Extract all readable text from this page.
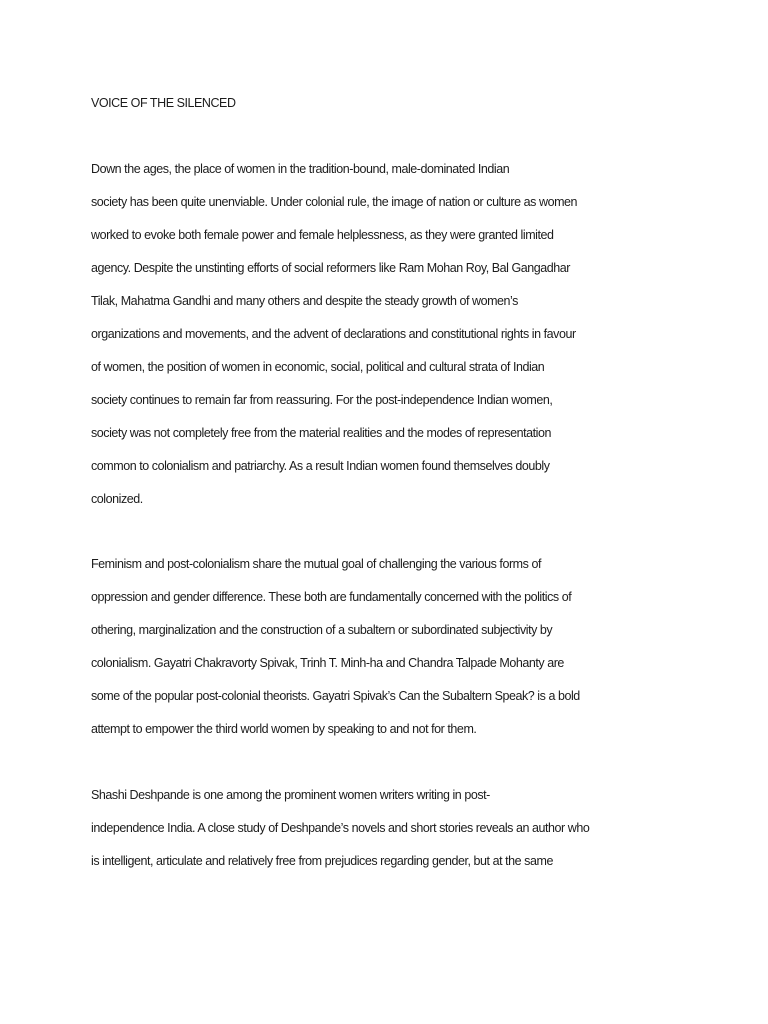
VOICE OF THE SILENCED

Down the ages, the place of women in the tradition-bound, male-dominated Indian

society has been quite unenviable. Under colonial rule, the image of nation or culture as women

worked to evoke both female power and female helplessness, as they were granted limited

agency. Despite the unstinting efforts of social reformers like Ram Mohan Roy, Bal Gangadhar

Tilak, Mahatma Gandhi and many others and despite the steady growth of women’s

organizations and movements, and the advent of declarations and constitutional rights in favour

of women, the position of women in economic, social, political and cultural strata of Indian

society continues to remain far from reassuring. For the post-independence Indian women,

society was not completely free from the material realities and the modes of representation

common to colonialism and patriarchy. As a result Indian women found themselves doubly

colonized.

Feminism and post-colonialism share the mutual goal of challenging the various forms of

oppression and gender difference. These both are fundamentally concerned with the politics of

othering, marginalization and the construction of a subaltern or subordinated subjectivity by

colonialism. Gayatri Chakravorty Spivak, Trinh T. Minh-ha and Chandra Talpade Mohanty are

some of the popular post-colonial theorists. Gayatri Spivak’s Can the Subaltern Speak? is a bold

attempt to empower the third world women by speaking to and not for them.

Shashi Deshpande is one among the prominent women writers writing in post-

independence India. A close study of Deshpande’s novels and short stories reveals an author who

is intelligent, articulate and relatively free from prejudices regarding gender, but at the same
